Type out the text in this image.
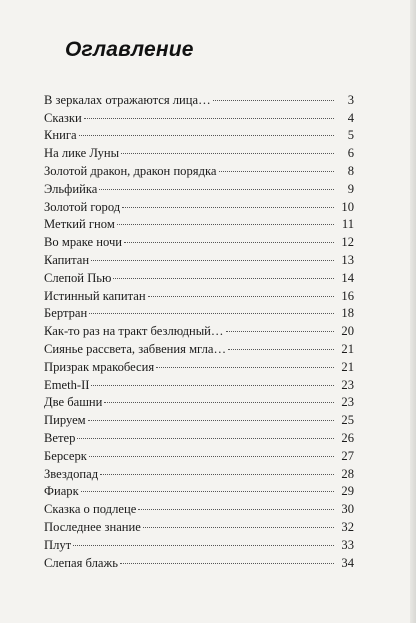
Оглавление
В зеркалах отражаются лица…	3
Сказки	4
Книга	5
На лике Луны	6
Золотой дракон, дракон порядка	8
Эльфийка	9
Золотой город	10
Меткий гном	11
Во мраке ночи	12
Капитан	13
Слепой Пью	14
Истинный капитан	16
Бертран	18
Как-то раз на тракт безлюдный…	20
Сиянье рассвета, забвения мгла…	21
Призрак мракобесия	21
Emeth-II	23
Две башни	23
Пируем	25
Ветер	26
Берсерк	27
Звездопад	28
Фиарк	29
Сказка о подлеце	30
Последнее знание	32
Плут	33
Слепая блажь	34
